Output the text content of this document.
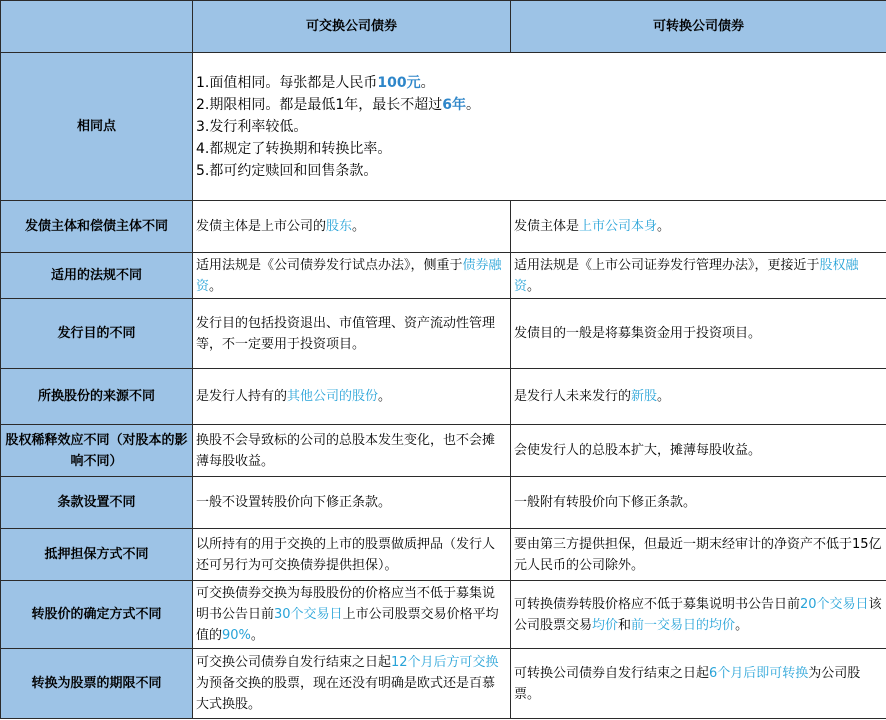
	可交换公司债券	可转换公司债券
相同点	1.面值相同。每张都是人民币100元。
2.期限相同。都是最低1年，最长不超过6年。
3.发行利率较低。
4.都规定了转换期和转换比率。
5.都可约定赎回和回售条款。	

发债主体和偿债主体不同	发债主体是上市公司的股东。	发债主体是上市公司本身。
适用的法规不同	适用法规是《公司债券发行试点办法》，侧重于债券融资。	适用法规是《上市公司证券发行管理办法》，更接近于股权融资。
发行目的不同	发行目的包括投资退出、市值管理、资产流动性管理等，不一定要用于投资项目。	发债目的一般是将募集资金用于投资项目。
所换股份的来源不同	是发行人持有的其他公司的股份。	是发行人未来发行的新股。
股权稀释效应不同（对股本的影响不同）	换股不会导致标的公司的总股本发生变化，也不会摊薄每股收益。	会使发行人的总股本扩大，摊薄每股收益。
条款设置不同	一般不设置转股价向下修正条款。	一般附有转股价向下修正条款。
抵押担保方式不同	以所持有的用于交换的上市的股票做质押品（发行人还可另行为可交换债券提供担保）。	要由第三方提供担保，但最近一期末经审计的净资产不低于15亿元人民币的公司除外。
转股价的确定方式不同	可交换债券交换为每股股份的价格应当不低于募集说明书公告日前30个交易日上市公司股票交易价格平均值的90%。	可转换债券转股价格应不低于募集说明书公告日前20个交易日该公司股票交易均价和前一交易日的均价。
转换为股票的期限不同	可交换公司债券自发行结束之日起12个月后方可交换为预备交换的股票，现在还没有明确是欧式还是百慕大式换股。	可转换公司债券自发行结束之日起6个月后即可转换为公司股票。
